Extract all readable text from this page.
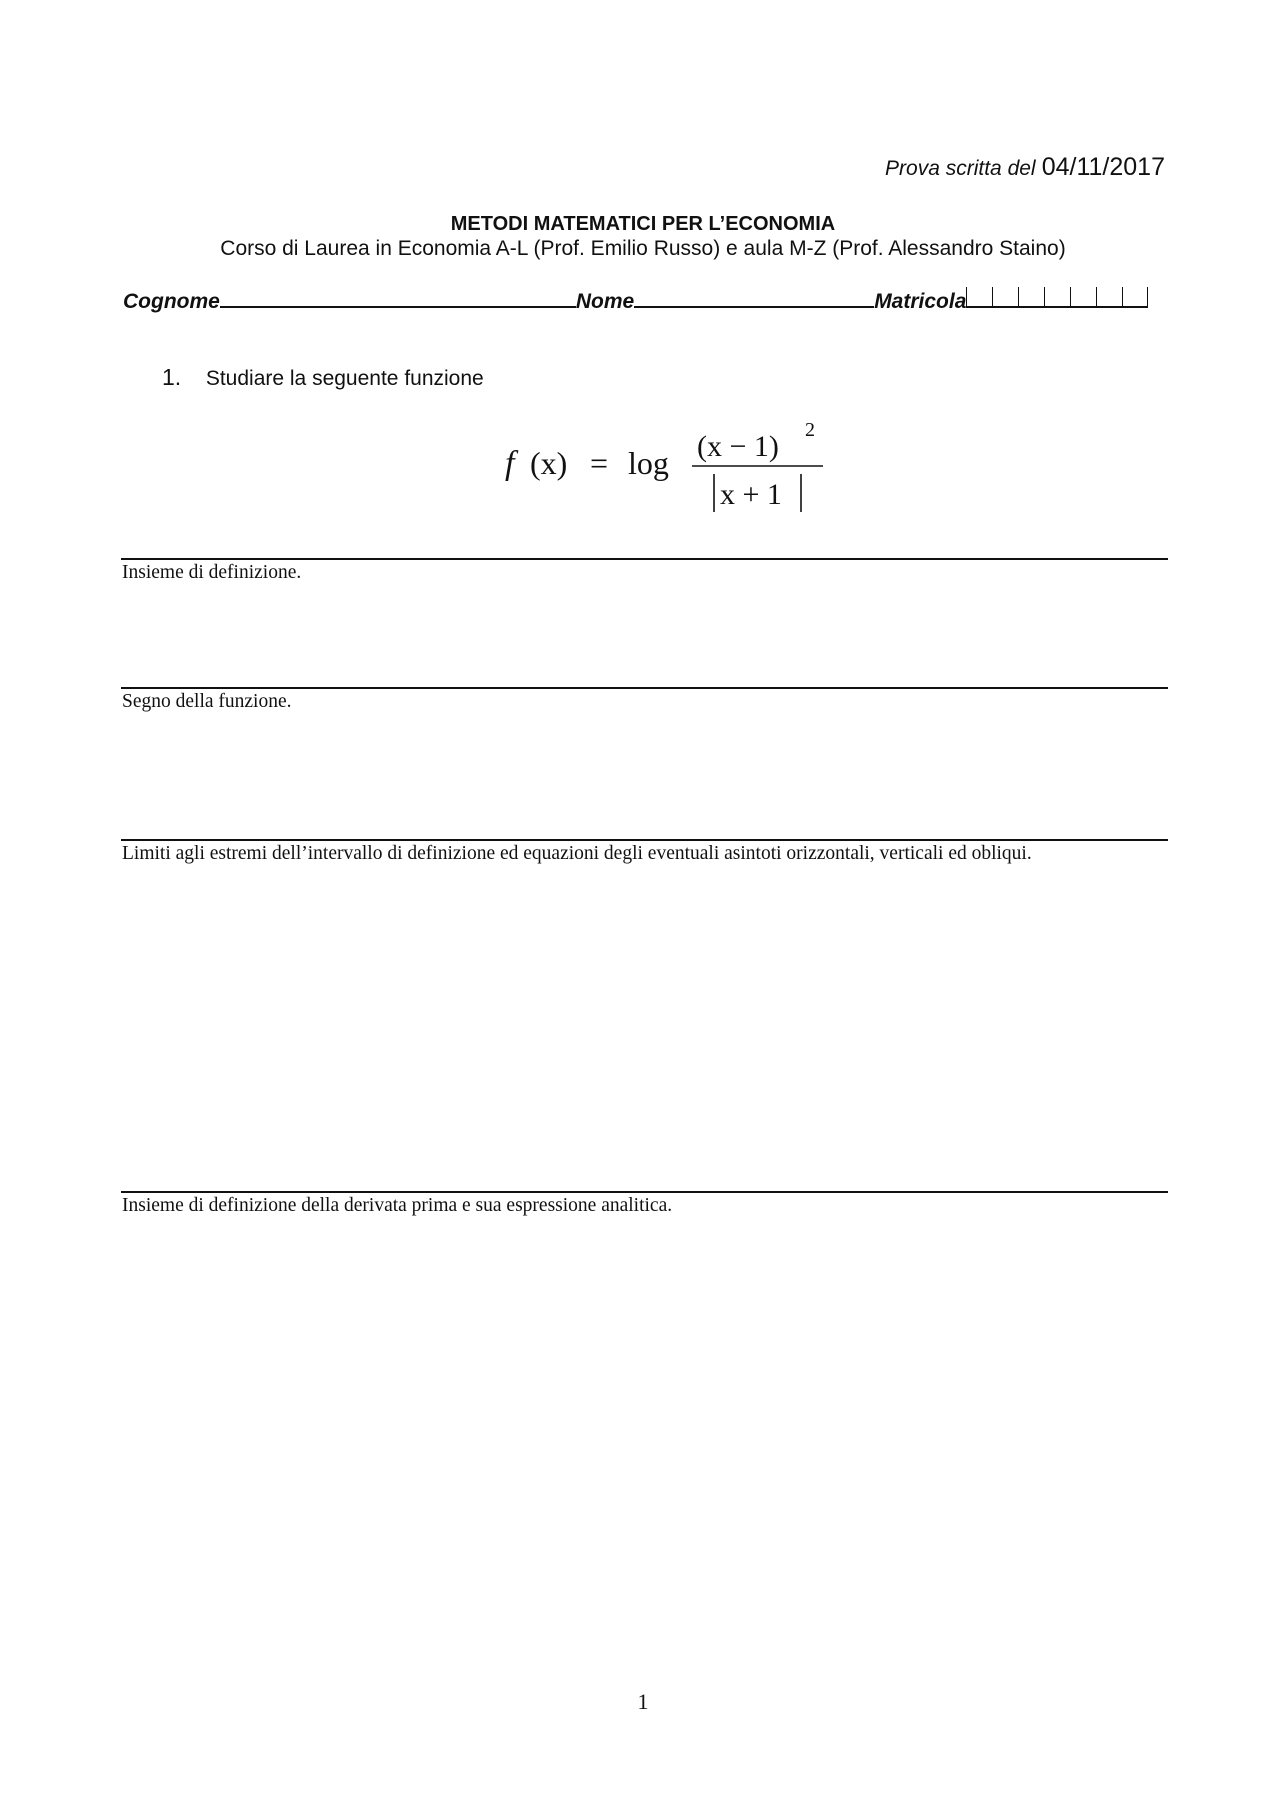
Prova scritta del 04/11/2017
METODI MATEMATICI PER L’ECONOMIA
Corso di Laurea in Economia A-L (Prof. Emilio Russo) e aula M-Z (Prof. Alessandro Staino)
Cognome	Nome	Matricola
1. Studiare la seguente funzione
f (x) = log (x − 1) 2
x + 1
Insieme di definizione.
Segno della funzione.
Limiti agli estremi dell’intervallo di definizione ed equazioni degli eventuali asintoti orizzontali, verticali ed obliqui.
Insieme di definizione della derivata prima e sua espressione analitica.
1
